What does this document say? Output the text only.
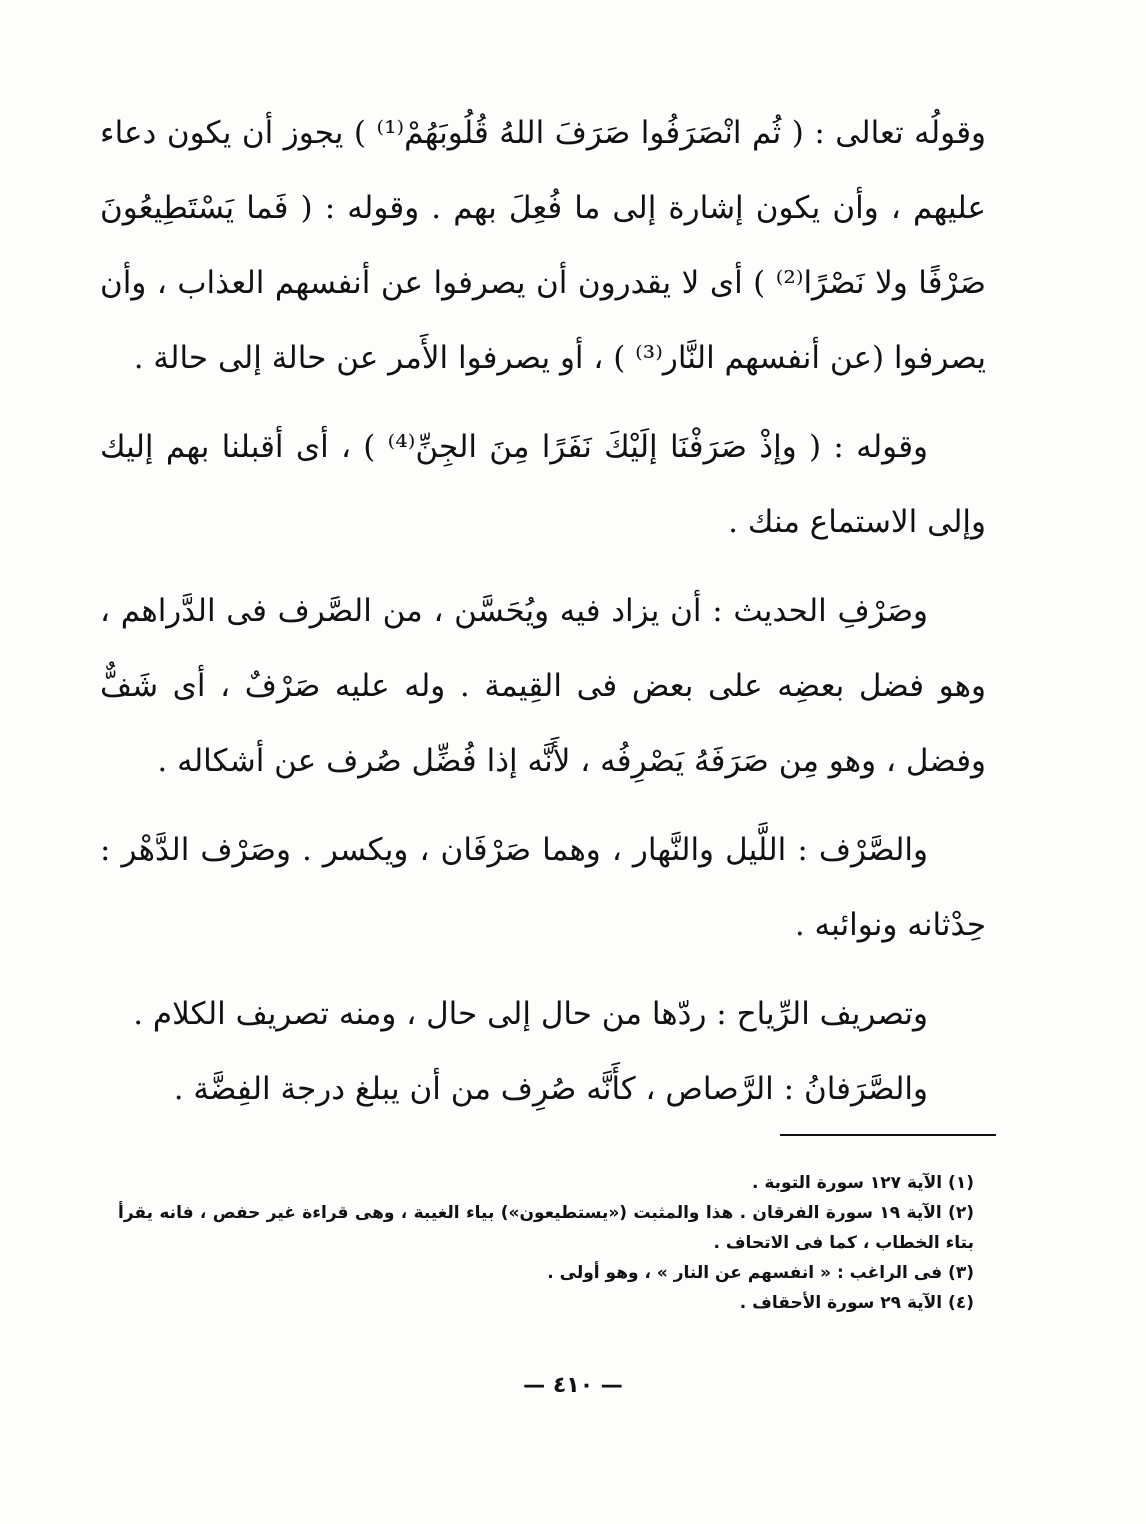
وقولُه تعالى : ( ثُم انْصَرَفُوا صَرَفَ اللهُ قُلُوبَهُمْ⁽¹⁾ ) يجوز أن يكون دعاء عليهم ، وأن يكون إشارة إلى ما فُعِلَ بهم . وقوله : ( فَما يَسْتَطِيعُونَ صَرْفًا ولا نَصْرًا⁽²⁾ ) أى لا يقدرون أن يصرفوا عن أنفسهم العذاب ، وأن يصرفوا (عن أنفسهم النَّار⁽³⁾ ) ، أو يصرفوا الأَمر عن حالة إلى حالة .

وقوله : ( وإذْ صَرَفْنَا إلَيْكَ نَفَرًا مِنَ الجِنِّ⁽⁴⁾ ) ، أى أقبلنا بهم إليك وإلى الاستماع منك .

وصَرْفِ الحديث : أن يزاد فيه ويُحَسَّن ، من الصَّرف فى الدَّراهم ، وهو فضل بعضِه على بعض فى القِيمة . وله عليه صَرْفٌ ، أى شَفٌّ وفضل ، وهو مِن صَرَفَهُ يَصْرِفُه ، لأَنَّه إذا فُضِّل صُرف عن أشكاله .

والصَّرْف : اللَّيل والنَّهار ، وهما صَرْفَان ، ويكسر . وصَرْف الدَّهْر : حِدْثانه ونوائبه .

وتصريف الرِّياح : ردّها من حال إلى حال ، ومنه تصريف الكلام .

والصَّرَفانُ : الرَّصاص ، كأَنَّه صُرِف من أن يبلغ درجة الفِضَّة .

(١) الآية ١٢٧ سورة التوبة .

(٢) الآية ١٩ سورة الفرقان . هذا والمثبت («يستطيعون») بياء الغيبة ، وهى قراءة غير حفص ، فانه يقرأ بتاء الخطاب ، كما فى الاتحاف .

(٣) فى الراغب : « انفسهم عن النار » ، وهو أولى .

(٤) الآية ٢٩ سورة الأحقاف .

— ٤١٠ —
